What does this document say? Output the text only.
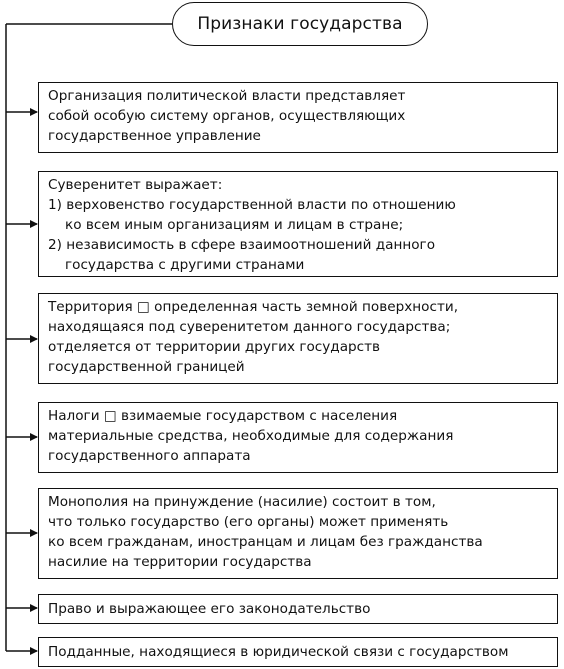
Признаки государства
Организация политической власти представляет
собой особую систему органов, осуществляющих
государственное управление
Суверенитет выражает:
1) верховенство государственной власти по отношению
ко всем иным организациям и лицам в стране;
2) независимость в сфере взаимоотношений данного
государства с другими странами
Территория □ определенная часть земной поверхности,
находящаяся под суверенитетом данного государства;
отделяется от территории других государств
государственной границей
Налоги □ взимаемые государством с населения
материальные средства, необходимые для содержания
государственного аппарата
Монополия на принуждение (насилие) состоит в том,
что только государство (его органы) может применять
ко всем гражданам, иностранцам и лицам без гражданства
насилие на территории государства
Право и выражающее его законодательство
Подданные, находящиеся в юридической связи с государством
